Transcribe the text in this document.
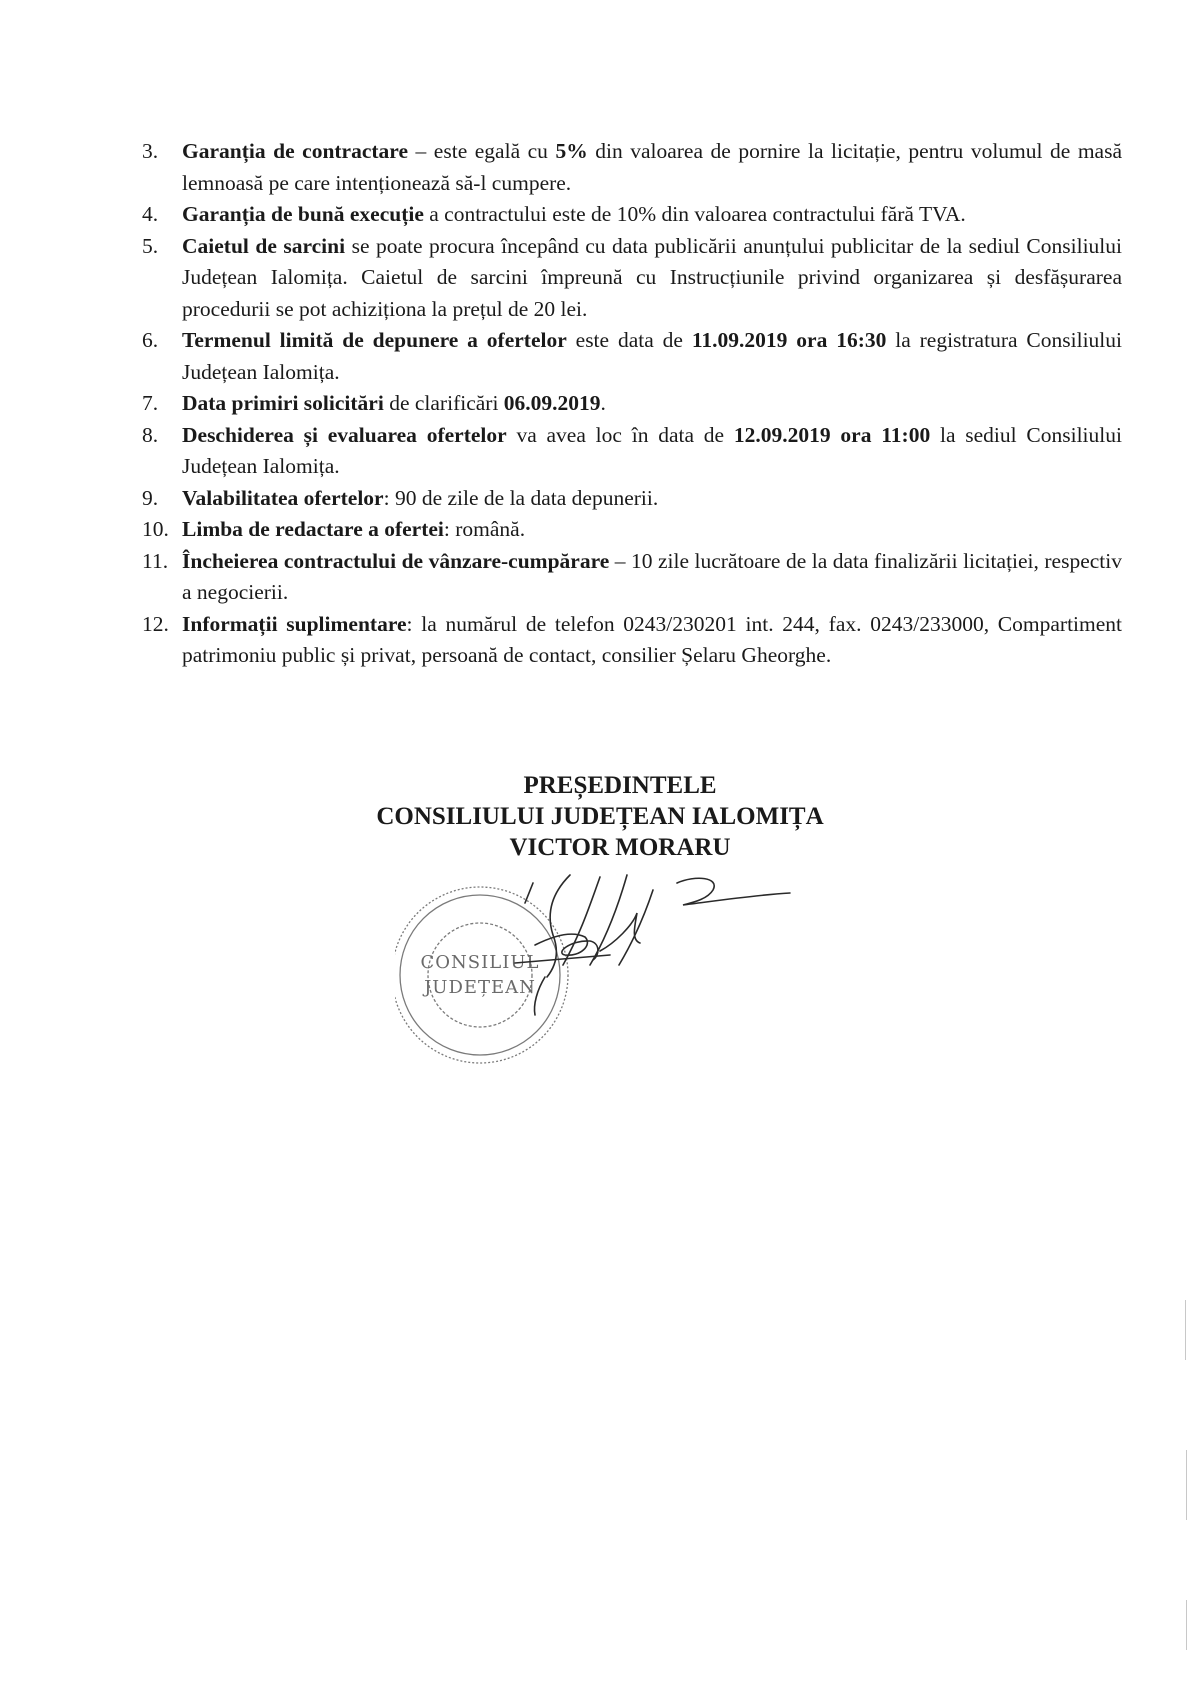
3.	Garanția de contractare – este egală cu 5% din valoarea de pornire la licitație, pentru volumul de masă lemnoasă pe care intenționează să-l cumpere.
4.	Garanția de bună execuție a contractului este de 10% din valoarea contractului fără TVA.
5.	Caietul de sarcini se poate procura începând cu data publicării anunțului publicitar de la sediul Consiliului Județean Ialomița. Caietul de sarcini împreună cu Instrucțiunile privind organizarea și desfășurarea procedurii se pot achiziționa la prețul de 20 lei.
6.	Termenul limită de depunere a ofertelor este data de 11.09.2019 ora 16:30 la registratura Consiliului Județean Ialomița.
7.	Data primiri solicitări de clarificări 06.09.2019.
8.	Deschiderea și evaluarea ofertelor va avea loc în data de 12.09.2019 ora 11:00 la sediul Consiliului Județean Ialomița.
9.	Valabilitatea ofertelor: 90 de zile de la data depunerii.
10. Limba de redactare a ofertei: română.
11. Încheierea contractului de vânzare-cumpărare – 10 zile lucrătoare de la data finalizării licitației, respectiv a negocierii.
12. Informații suplimentare: la numărul de telefon 0243/230201 int. 244, fax. 0243/233000, Compartiment patrimoniu public și privat, persoană de contact, consilier Șelaru Gheorghe.
PREȘEDINTELE
CONSILIULUI JUDEȚEAN IALOMIȚA
VICTOR MORARU
CONSILIUL
JUDEȚEAN
